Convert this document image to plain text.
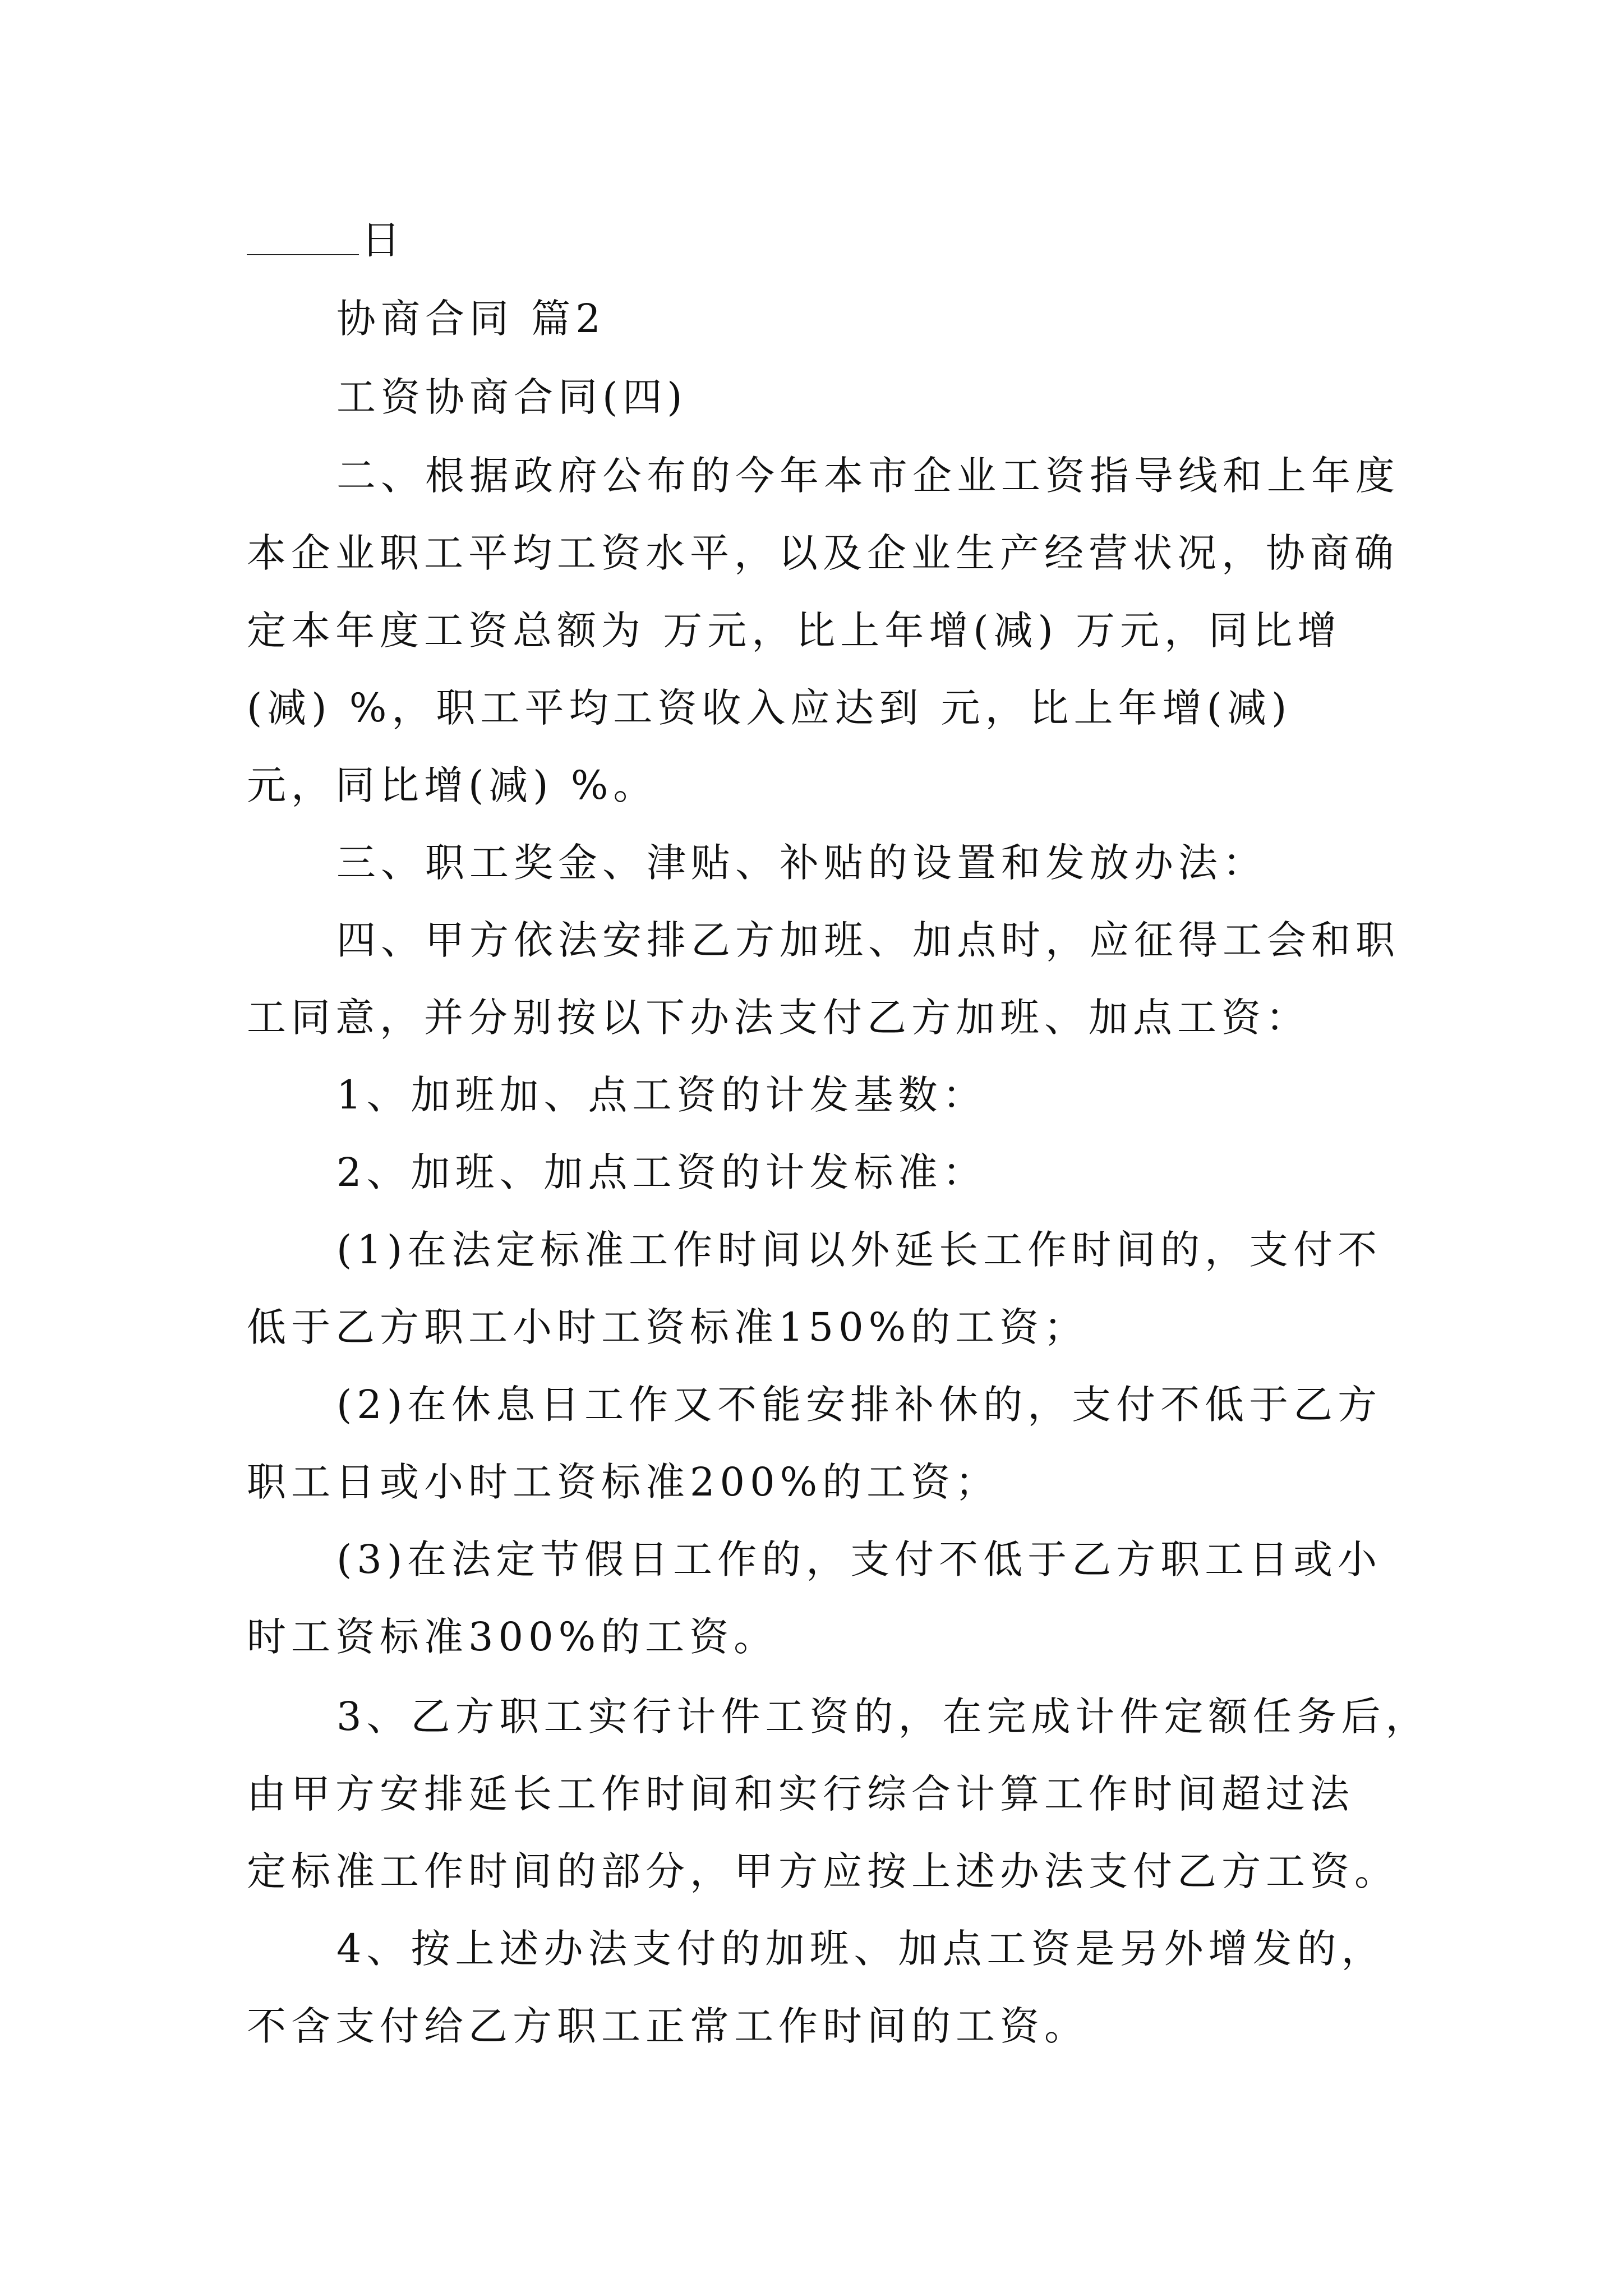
日
协商合同 篇2
工资协商合同(四)
二、根据政府公布的今年本市企业工资指导线和上年度
本企业职工平均工资水平，以及企业生产经营状况，协商确
定本年度工资总额为 万元，比上年增(减) 万元，同比增
(减) %，职工平均工资收入应达到 元，比上年增(减)
元，同比增(减) %。
三、职工奖金、津贴、补贴的设置和发放办法：
四、甲方依法安排乙方加班、加点时，应征得工会和职
工同意，并分别按以下办法支付乙方加班、加点工资：
1、加班加、点工资的计发基数：
2、加班、加点工资的计发标准：
(1)在法定标准工作时间以外延长工作时间的，支付不
低于乙方职工小时工资标准150%的工资；
(2)在休息日工作又不能安排补休的，支付不低于乙方
职工日或小时工资标准200%的工资；
(3)在法定节假日工作的，支付不低于乙方职工日或小
时工资标准300%的工资。
3、乙方职工实行计件工资的，在完成计件定额任务后，
由甲方安排延长工作时间和实行综合计算工作时间超过法
定标准工作时间的部分，甲方应按上述办法支付乙方工资。
4、按上述办法支付的加班、加点工资是另外增发的，
不含支付给乙方职工正常工作时间的工资。
